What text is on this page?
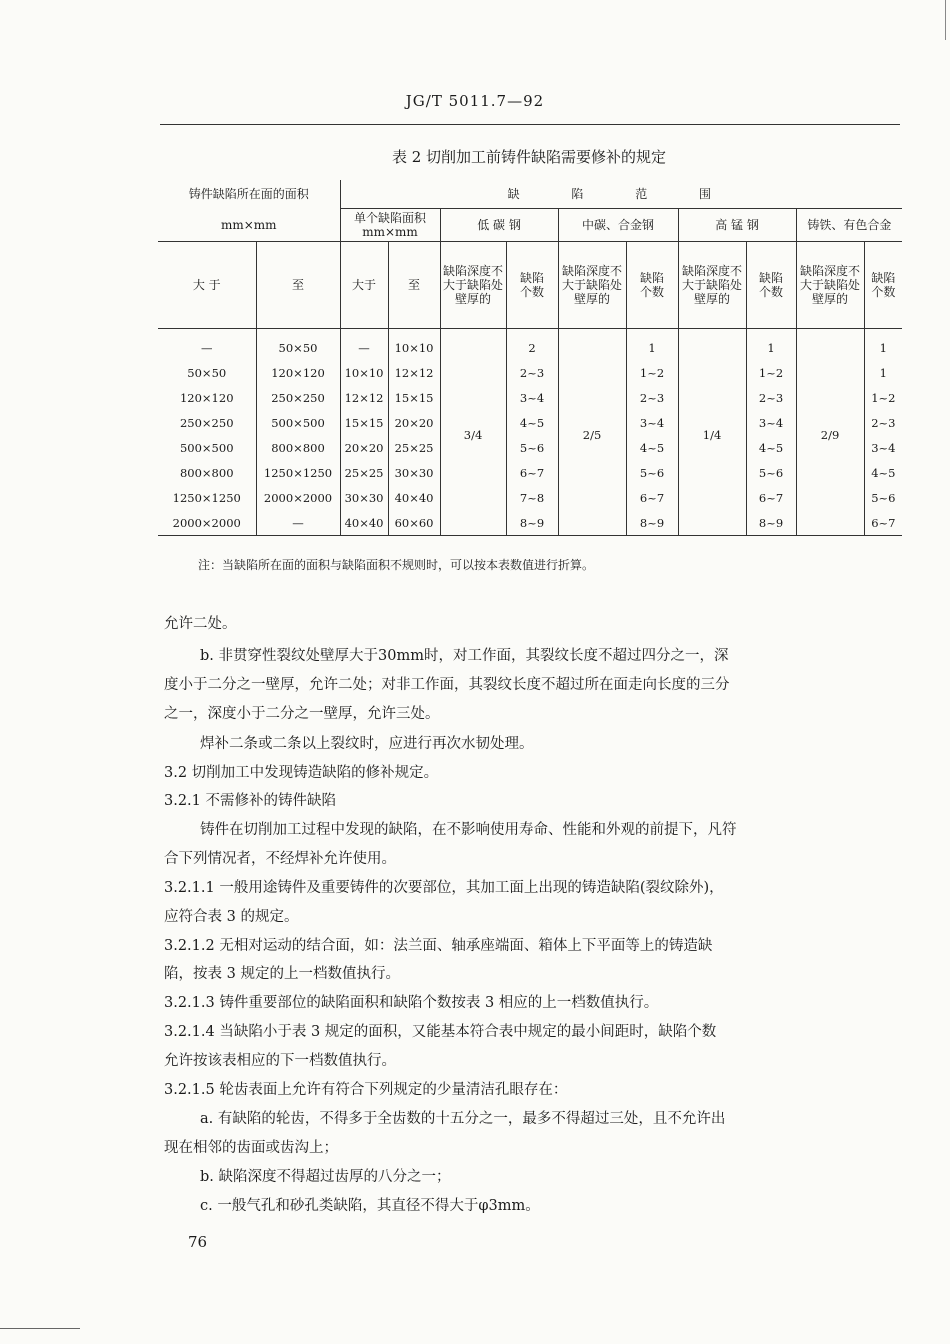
JG/T 5011.7—92
表 2 切削加工前铸件缺陷需要修补的规定
铸件缺陷所在面的面积		缺 陷 范 围									
mm×mm		单个缺陷面积
mm×mm		低 碳 钢		中碳、合金钢		高 锰 钢		铸铁、有色合金	
大 于	至	大于	至	缺陷深度不大于缺陷处壁厚的	缺陷个数	缺陷深度不大于缺陷处壁厚的	缺陷个数	缺陷深度不大于缺陷处壁厚的	缺陷个数	缺陷深度不大于缺陷处壁厚的	缺陷个数
—	50×50	—	10×10	3/4	2	2/5	1	1/4	1	2/9	1
50×50	120×120	10×10	12×12		2~3		1~2		1~2		1
120×120	250×250	12×12	15×15		3~4		2~3		2~3		1~2
250×250	500×500	15×15	20×20		4~5		3~4		3~4		2~3
500×500	800×800	20×20	25×25		5~6		4~5		4~5		3~4
800×800	1250×1250	25×25	30×30		6~7		5~6		5~6		4~5
1250×1250	2000×2000	30×30	40×40		7~8		6~7		6~7		5~6
2000×2000	—	40×40	60×60		8~9		8~9		8~9		6~7
注：当缺陷所在面的面积与缺陷面积不规则时，可以按本表数值进行折算。
允许二处。
b. 非贯穿性裂纹处壁厚大于30mm时，对工作面，其裂纹长度不超过四分之一，深
度小于二分之一壁厚，允许二处；对非工作面，其裂纹长度不超过所在面走向长度的三分
之一，深度小于二分之一壁厚，允许三处。
焊补二条或二条以上裂纹时，应进行再次水韧处理。
3.2 切削加工中发现铸造缺陷的修补规定。
3.2.1 不需修补的铸件缺陷
铸件在切削加工过程中发现的缺陷，在不影响使用寿命、性能和外观的前提下，凡符
合下列情况者，不经焊补允许使用。
3.2.1.1 一般用途铸件及重要铸件的次要部位，其加工面上出现的铸造缺陷(裂纹除外)，
应符合表 3 的规定。
3.2.1.2 无相对运动的结合面，如：法兰面、轴承座端面、箱体上下平面等上的铸造缺
陷，按表 3 规定的上一档数值执行。
3.2.1.3 铸件重要部位的缺陷面积和缺陷个数按表 3 相应的上一档数值执行。
3.2.1.4 当缺陷小于表 3 规定的面积，又能基本符合表中规定的最小间距时，缺陷个数
允许按该表相应的下一档数值执行。
3.2.1.5 轮齿表面上允许有符合下列规定的少量清洁孔眼存在：
a. 有缺陷的轮齿，不得多于全齿数的十五分之一，最多不得超过三处，且不允许出
现在相邻的齿面或齿沟上；
b. 缺陷深度不得超过齿厚的八分之一；
c. 一般气孔和砂孔类缺陷，其直径不得大于φ3mm。
76
